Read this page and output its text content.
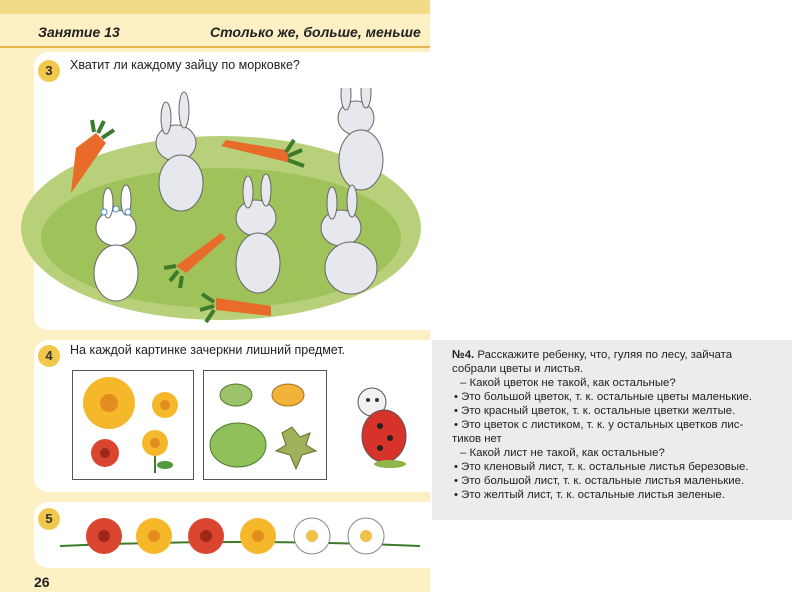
Занятие 13	Столько же, больше, меньше
3	Хватит ли каждому зайцу по морковке?
4	На каждой картинке зачеркни лишний предмет.
5
26
№4. Расскажите ребенку, что, гуляя по лесу, зайчата
собрали цветы и листья.
– Какой цветок не такой, как остальные?
• Это большой цветок, т. к. остальные цветы маленькие.
• Это красный цветок, т. к. остальные цветки желтые.
• Это цветок с листиком, т. к. у остальных цветков лис-
тиков нет
– Какой лист не такой, как остальные?
• Это кленовый лист, т. к. остальные листья березовые.
• Это большой лист, т. к. остальные листья маленькие.
• Это желтый лист, т. к. остальные листья зеленые.
